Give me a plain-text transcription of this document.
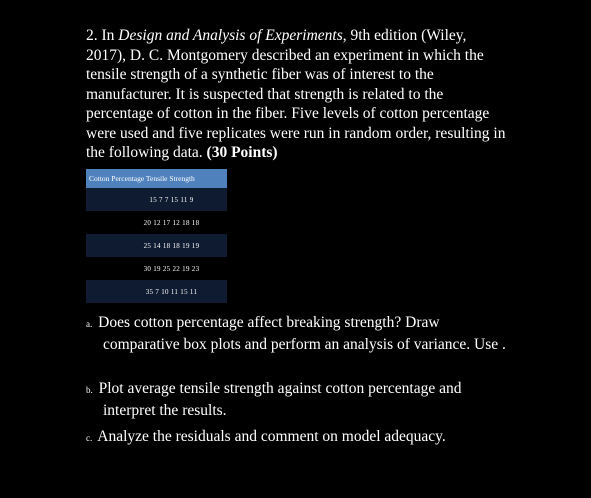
2. In Design and Analysis of Experiments, 9th edition (Wiley, 2017), D. C. Montgomery described an experiment in which the tensile strength of a synthetic fiber was of interest to the manufacturer. It is suspected that strength is related to the percentage of cotton in the fiber. Five levels of cotton percentage were used and five replicates were run in random order, resulting in the following data. (30 Points)

Cotton Percentage Tensile Strength
15 7 7 15 11 9
20 12 17 12 18 18
25 14 18 18 19 19
30 19 25 22 19 23
35 7 10 11 15 11

a. Does cotton percentage affect breaking strength? Draw
comparative box plots and perform an analysis of variance. Use .

b. Plot average tensile strength against cotton percentage and
interpret the results.

c. Analyze the residuals and comment on model adequacy.
